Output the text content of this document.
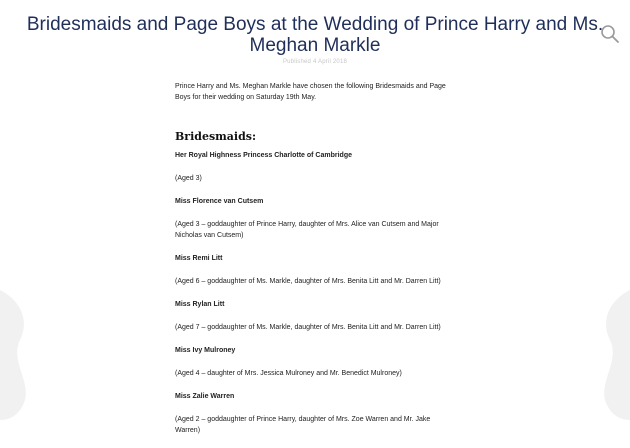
Bridesmaids and Page Boys at the Wedding of Prince Harry and Ms. Meghan Markle
Published 4 April 2018

Prince Harry and Ms. Meghan Markle have chosen the following Bridesmaids and Page Boys for their wedding on Saturday 19th May.

Bridesmaids:

Her Royal Highness Princess Charlotte of Cambridge

(Aged 3)

Miss Florence van Cutsem

(Aged 3 – goddaughter of Prince Harry, daughter of Mrs. Alice van Cutsem and Major Nicholas van Cutsem)

Miss Remi Litt

(Aged 6 – goddaughter of Ms. Markle, daughter of Mrs. Benita Litt and Mr. Darren Litt)

Miss Rylan Litt

(Aged 7 – goddaughter of Ms. Markle, daughter of Mrs. Benita Litt and Mr. Darren Litt)

Miss Ivy Mulroney

(Aged 4 – daughter of Mrs. Jessica Mulroney and Mr. Benedict Mulroney)

Miss Zalie Warren

(Aged 2 – goddaughter of Prince Harry, daughter of Mrs. Zoe Warren and Mr. Jake Warren)
